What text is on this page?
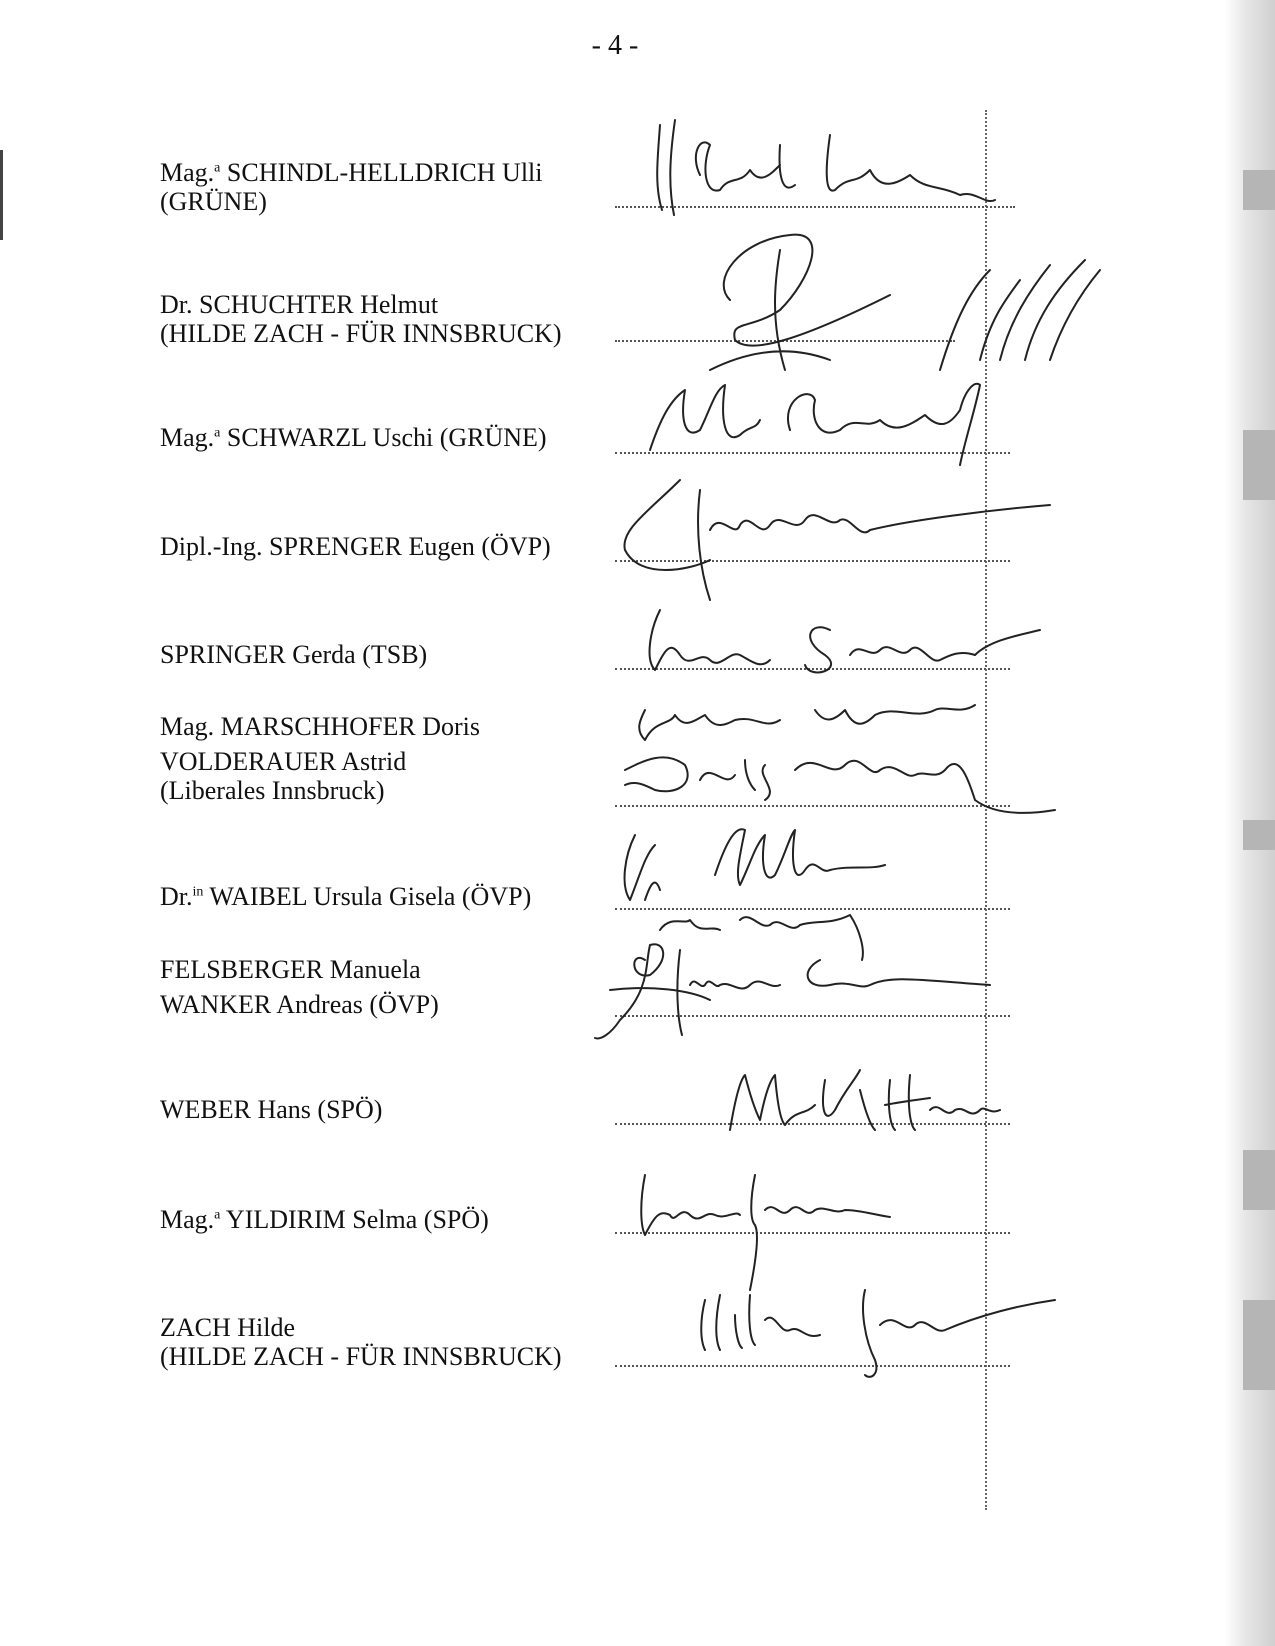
- 4 -
Mag.$^a$ SCHINDL-HELLDRICH Ulli
(GRÜNE)
Dr. SCHUCHTER Helmut
(HILDE ZACH - FÜR INNSBRUCK)
Mag.$^a$ SCHWARZL Uschi (GRÜNE)
Dipl.-Ing. SPRENGER Eugen (ÖVP)
SPRINGER Gerda (TSB)
Mag. MARSCHHOFER Doris
VOLDERAUER Astrid
(Liberales Innsbruck)
Dr.$^{in}$ WAIBEL Ursula Gisela (ÖVP)
FELSBERGER Manuela
WANKER Andreas (ÖVP)
WEBER Hans (SPÖ)
Mag.$^a$ YILDIRIM Selma (SPÖ)
ZACH Hilde
(HILDE ZACH - FÜR INNSBRUCK)
